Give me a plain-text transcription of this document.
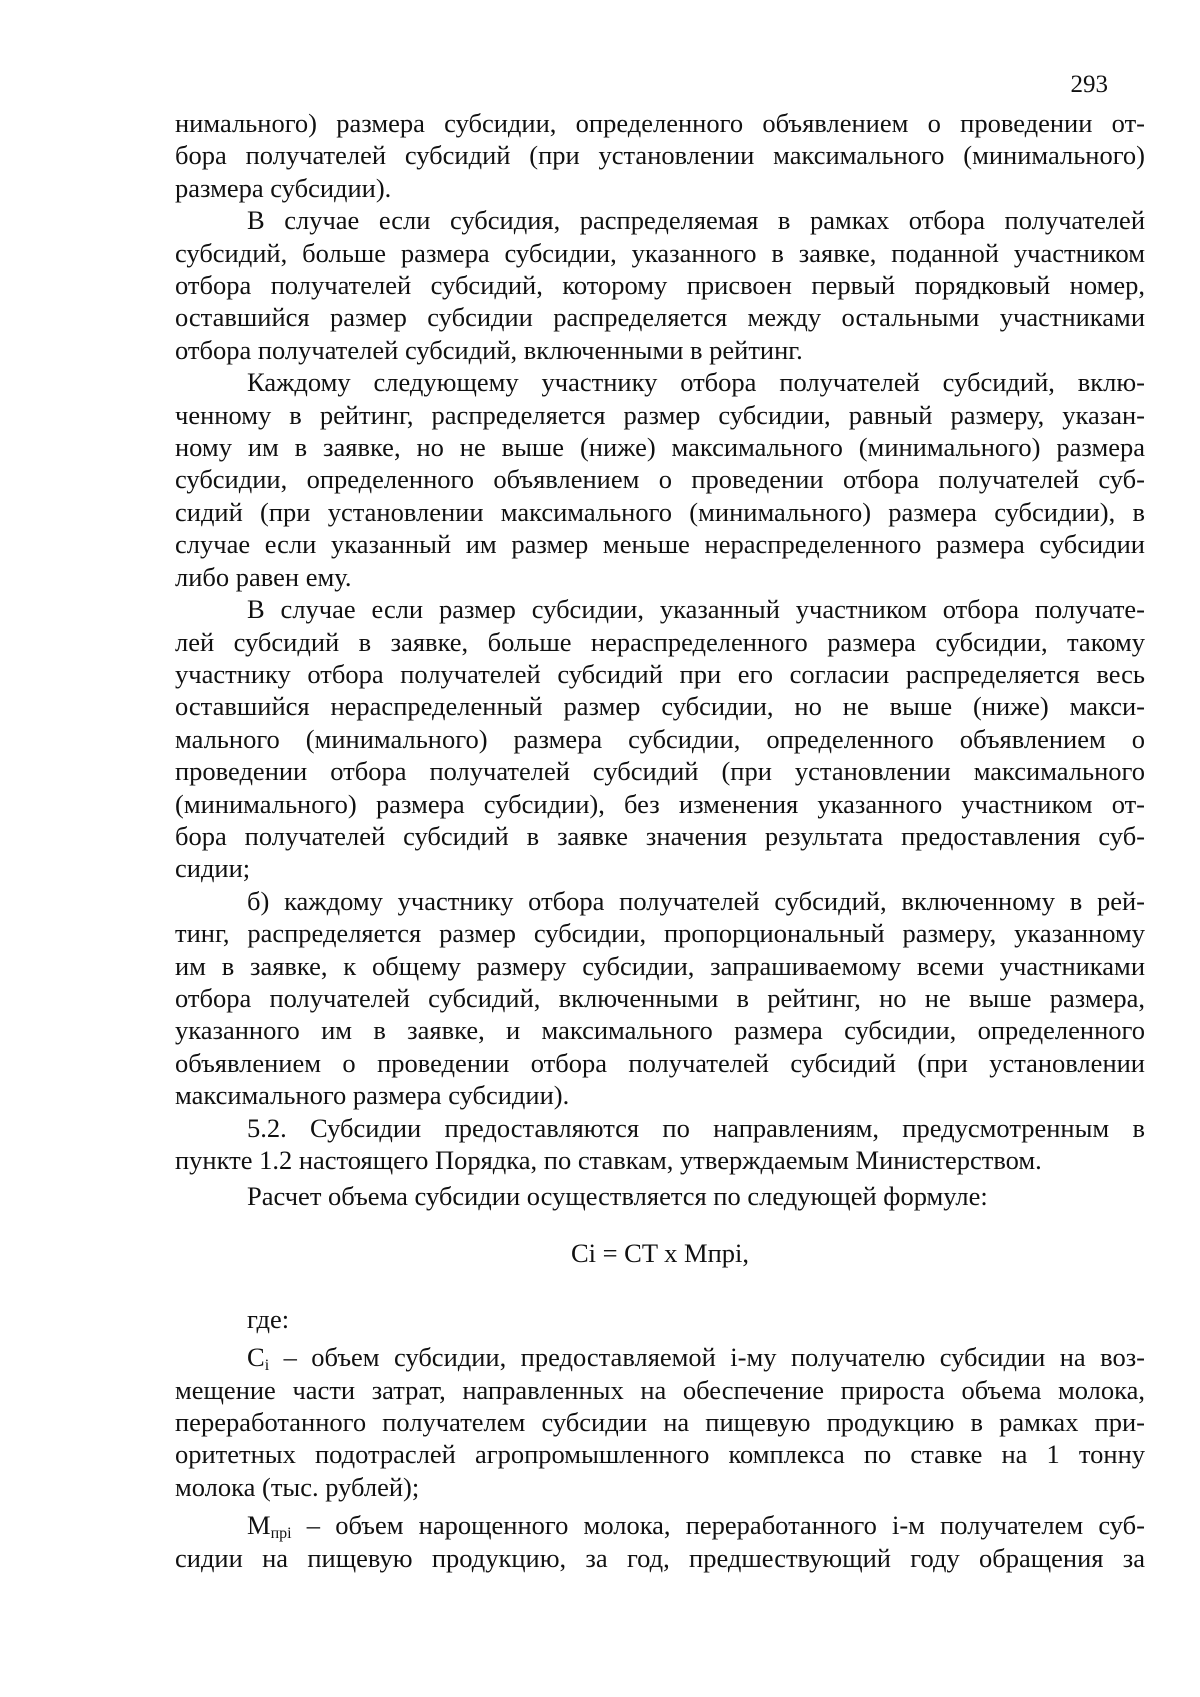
293

нимального) размера субсидии, определенного объявлением о проведении от-
бора получателей субсидий (при установлении максимального (минимального)
размера субсидии).

В случае если субсидия, распределяемая в рамках отбора получателей
субсидий, больше размера субсидии, указанного в заявке, поданной участником
отбора получателей субсидий, которому присвоен первый порядковый номер,
оставшийся размер субсидии распределяется между остальными участниками
отбора получателей субсидий, включенными в рейтинг.

Каждому следующему участнику отбора получателей субсидий, вклю-
ченному в рейтинг, распределяется размер субсидии, равный размеру, указан-
ному им в заявке, но не выше (ниже) максимального (минимального) размера
субсидии, определенного объявлением о проведении отбора получателей суб-
сидий (при установлении максимального (минимального) размера субсидии), в
случае если указанный им размер меньше нераспределенного размера субсидии
либо равен ему.

В случае если размер субсидии, указанный участником отбора получате-
лей субсидий в заявке, больше нераспределенного размера субсидии, такому
участнику отбора получателей субсидий при его согласии распределяется весь
оставшийся нераспределенный размер субсидии, но не выше (ниже) макси-
мального (минимального) размера субсидии, определенного объявлением о
проведении отбора получателей субсидий (при установлении максимального
(минимального) размера субсидии), без изменения указанного участником от-
бора получателей субсидий в заявке значения результата предоставления суб-
сидии;

б) каждому участнику отбора получателей субсидий, включенному в рей-
тинг, распределяется размер субсидии, пропорциональный размеру, указанному
им в заявке, к общему размеру субсидии, запрашиваемому всеми участниками
отбора получателей субсидий, включенными в рейтинг, но не выше размера,
указанного им в заявке, и максимального размера субсидии, определенного
объявлением о проведении отбора получателей субсидий (при установлении
максимального размера субсидии).

5.2. Субсидии предоставляются по направлениям, предусмотренным в
пункте 1.2 настоящего Порядка, по ставкам, утверждаемым Министерством.

Расчет объема субсидии осуществляется по следующей формуле:

Ci = CT x Mпрi,
где:

$C_i$ – объем субсидии, предоставляемой i-му получателю субсидии на воз-
мещение части затрат, направленных на обеспечение прироста объема молока,
переработанного получателем субсидии на пищевую продукцию в рамках при-
оритетных подотраслей агропромышленного комплекса по ставке на 1 тонну
молока (тыс. рублей);

$M_{прi}$ – объем нарощенного молока, переработанного i-м получателем суб-
сидии на пищевую продукцию, за год, предшествующий году обращения за
